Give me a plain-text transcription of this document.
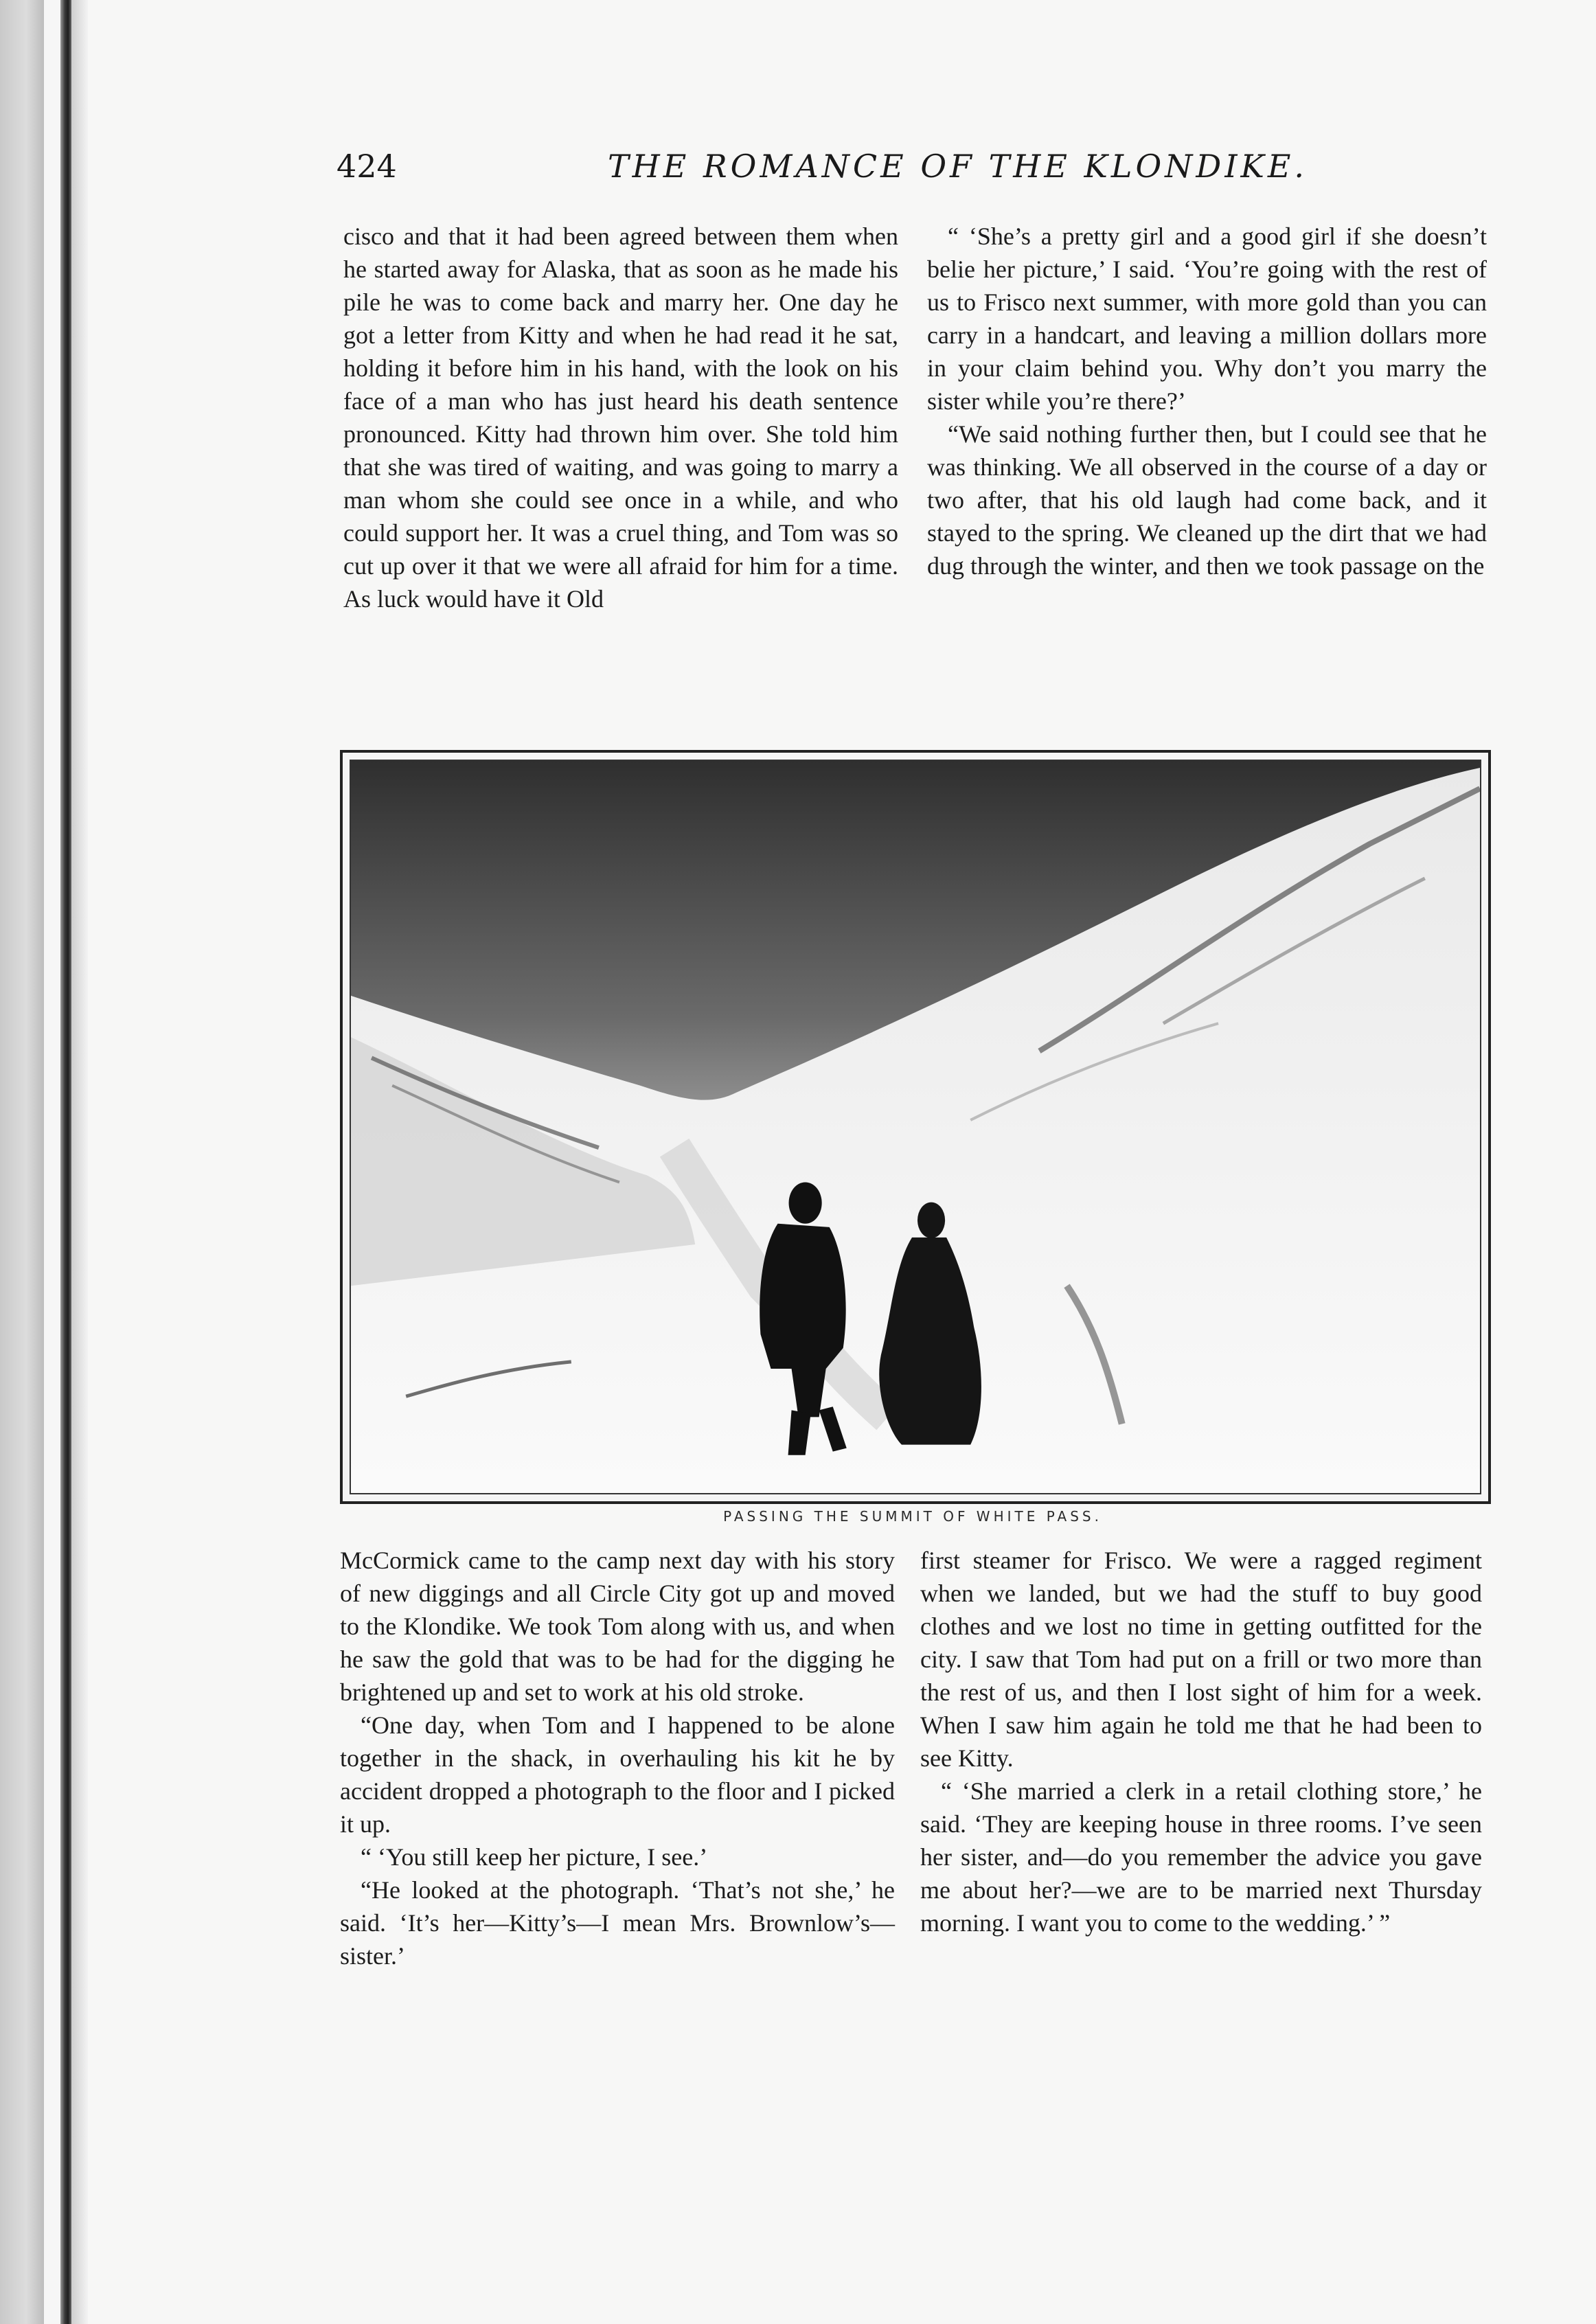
424	THE ROMANCE OF THE KLONDIKE.

cisco and that it had been agreed between them when he started away for Alaska, that as soon as he made his pile he was to come back and marry her. One day he got a letter from Kitty and when he had read it he sat, holding it before him in his hand, with the look on his face of a man who has just heard his death sentence pronounced. Kitty had thrown him over. She told him that she was tired of waiting, and was going to marry a man whom she could see once in a while, and who could support her. It was a cruel thing, and Tom was so cut up over it that we were all afraid for him for a time. As luck would have it Old

“ ‘She’s a pretty girl and a good girl if she doesn’t belie her picture,’ I said. ‘You’re going with the rest of us to Frisco next summer, with more gold than you can carry in a handcart, and leaving a million dollars more in your claim behind you. Why don’t you marry the sister while you’re there?’

“We said nothing further then, but I could see that he was thinking. We all observed in the course of a day or two after, that his old laugh had come back, and it stayed to the spring. We cleaned up the dirt that we had dug through the winter, and then we took passage on the

PASSING THE SUMMIT OF WHITE PASS.

McCormick came to the camp next day with his story of new diggings and all Circle City got up and moved to the Klondike. We took Tom along with us, and when he saw the gold that was to be had for the digging he brightened up and set to work at his old stroke.

“One day, when Tom and I happened to be alone together in the shack, in overhauling his kit he by accident dropped a photograph to the floor and I picked it up.

“ ‘You still keep her picture, I see.’

“He looked at the photograph. ‘That’s not she,’ he said. ‘It’s her—Kitty’s—I mean Mrs. Brownlow’s—sister.’

first steamer for Frisco. We were a ragged regiment when we landed, but we had the stuff to buy good clothes and we lost no time in getting outfitted for the city. I saw that Tom had put on a frill or two more than the rest of us, and then I lost sight of him for a week. When I saw him again he told me that he had been to see Kitty.

“ ‘She married a clerk in a retail clothing store,’ he said. ‘They are keeping house in three rooms. I’ve seen her sister, and—do you remember the advice you gave me about her?—we are to be married next Thursday morning. I want you to come to the wedding.’ ”
